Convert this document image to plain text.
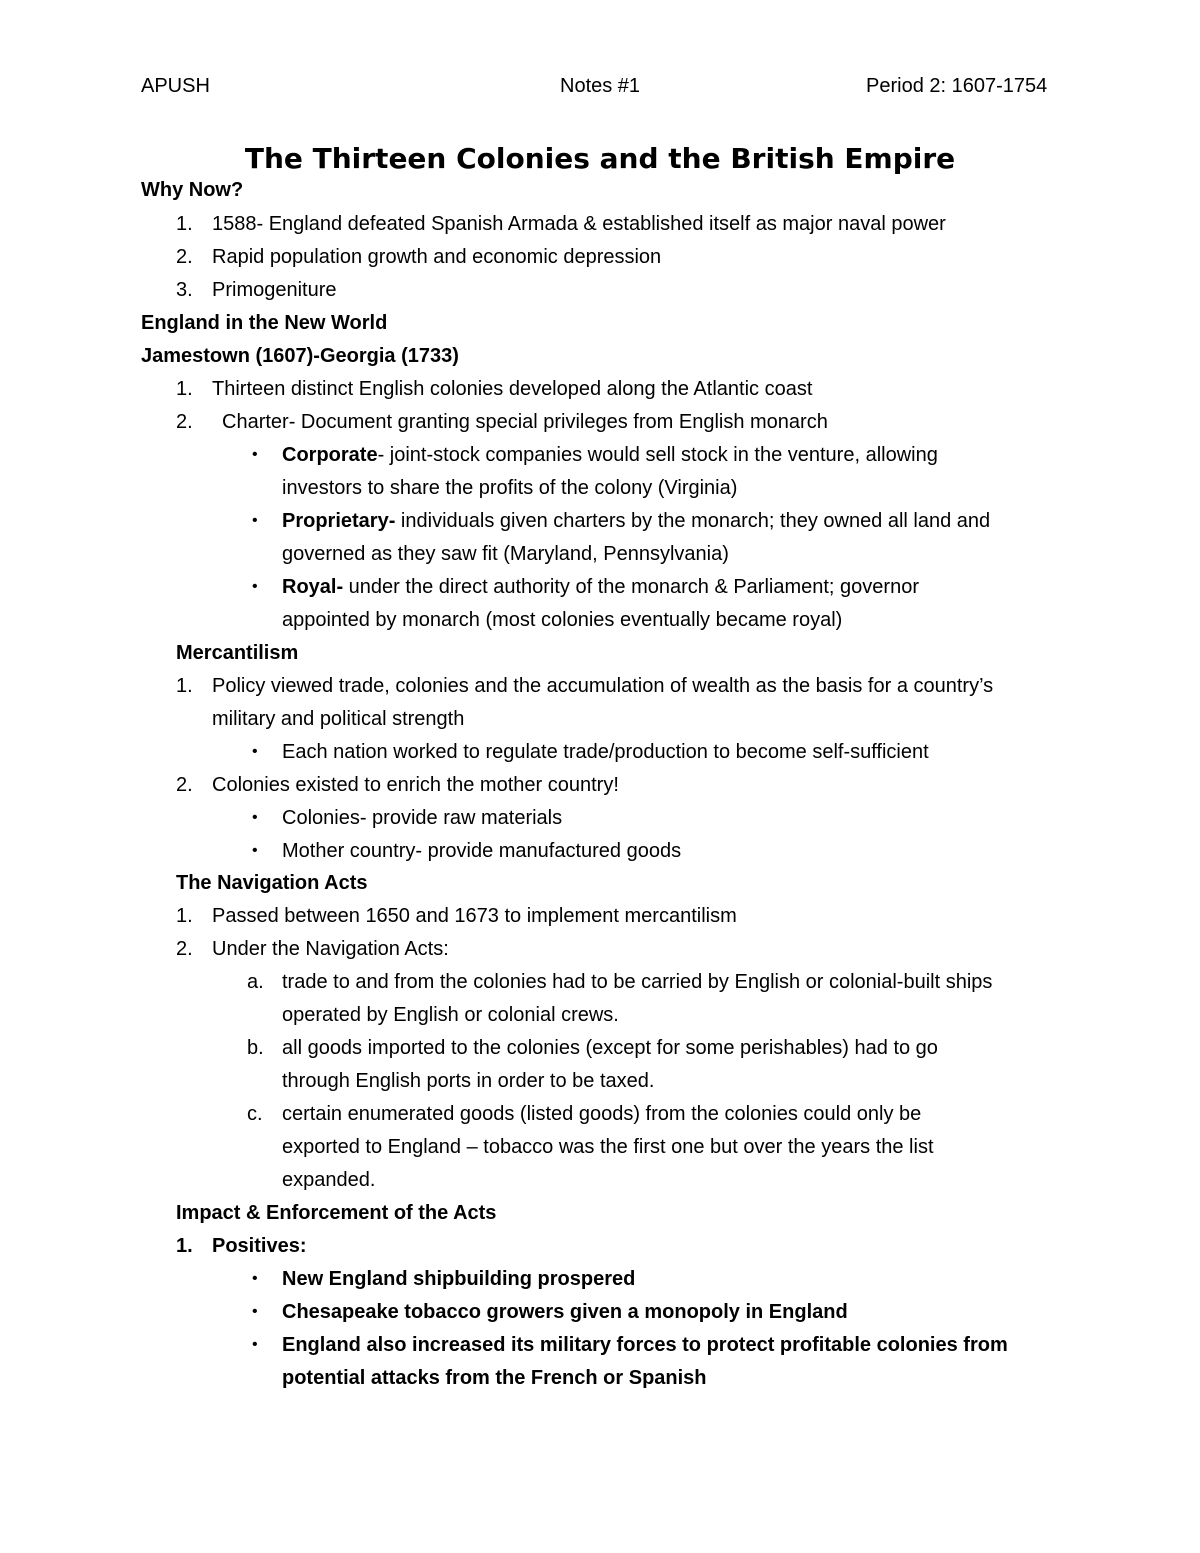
APUSH	Notes #1	Period 2: 1607-1754
The Thirteen Colonies and the British Empire
Why Now?
1. 1588- England defeated Spanish Armada & established itself as major naval power
2. Rapid population growth and economic depression
3. Primogeniture
England in the New World
Jamestown (1607)-Georgia (1733)
1. Thirteen distinct English colonies developed along the Atlantic coast
2. Charter- Document granting special privileges from English monarch
• Corporate- joint-stock companies would sell stock in the venture, allowing
investors to share the profits of the colony (Virginia)
• Proprietary- individuals given charters by the monarch; they owned all land and
governed as they saw fit (Maryland, Pennsylvania)
• Royal- under the direct authority of the monarch & Parliament; governor
appointed by monarch (most colonies eventually became royal)
Mercantilism
1. Policy viewed trade, colonies and the accumulation of wealth as the basis for a country’s
military and political strength
• Each nation worked to regulate trade/production to become self-sufficient
2. Colonies existed to enrich the mother country!
• Colonies- provide raw materials
• Mother country- provide manufactured goods
The Navigation Acts
1. Passed between 1650 and 1673 to implement mercantilism
2. Under the Navigation Acts:
a. trade to and from the colonies had to be carried by English or colonial-built ships
operated by English or colonial crews.
b. all goods imported to the colonies (except for some perishables) had to go
through English ports in order to be taxed.
c. certain enumerated goods (listed goods) from the colonies could only be
exported to England – tobacco was the first one but over the years the list
expanded.
Impact & Enforcement of the Acts
1. Positives:
• New England shipbuilding prospered
• Chesapeake tobacco growers given a monopoly in England
• England also increased its military forces to protect profitable colonies from
potential attacks from the French or Spanish
